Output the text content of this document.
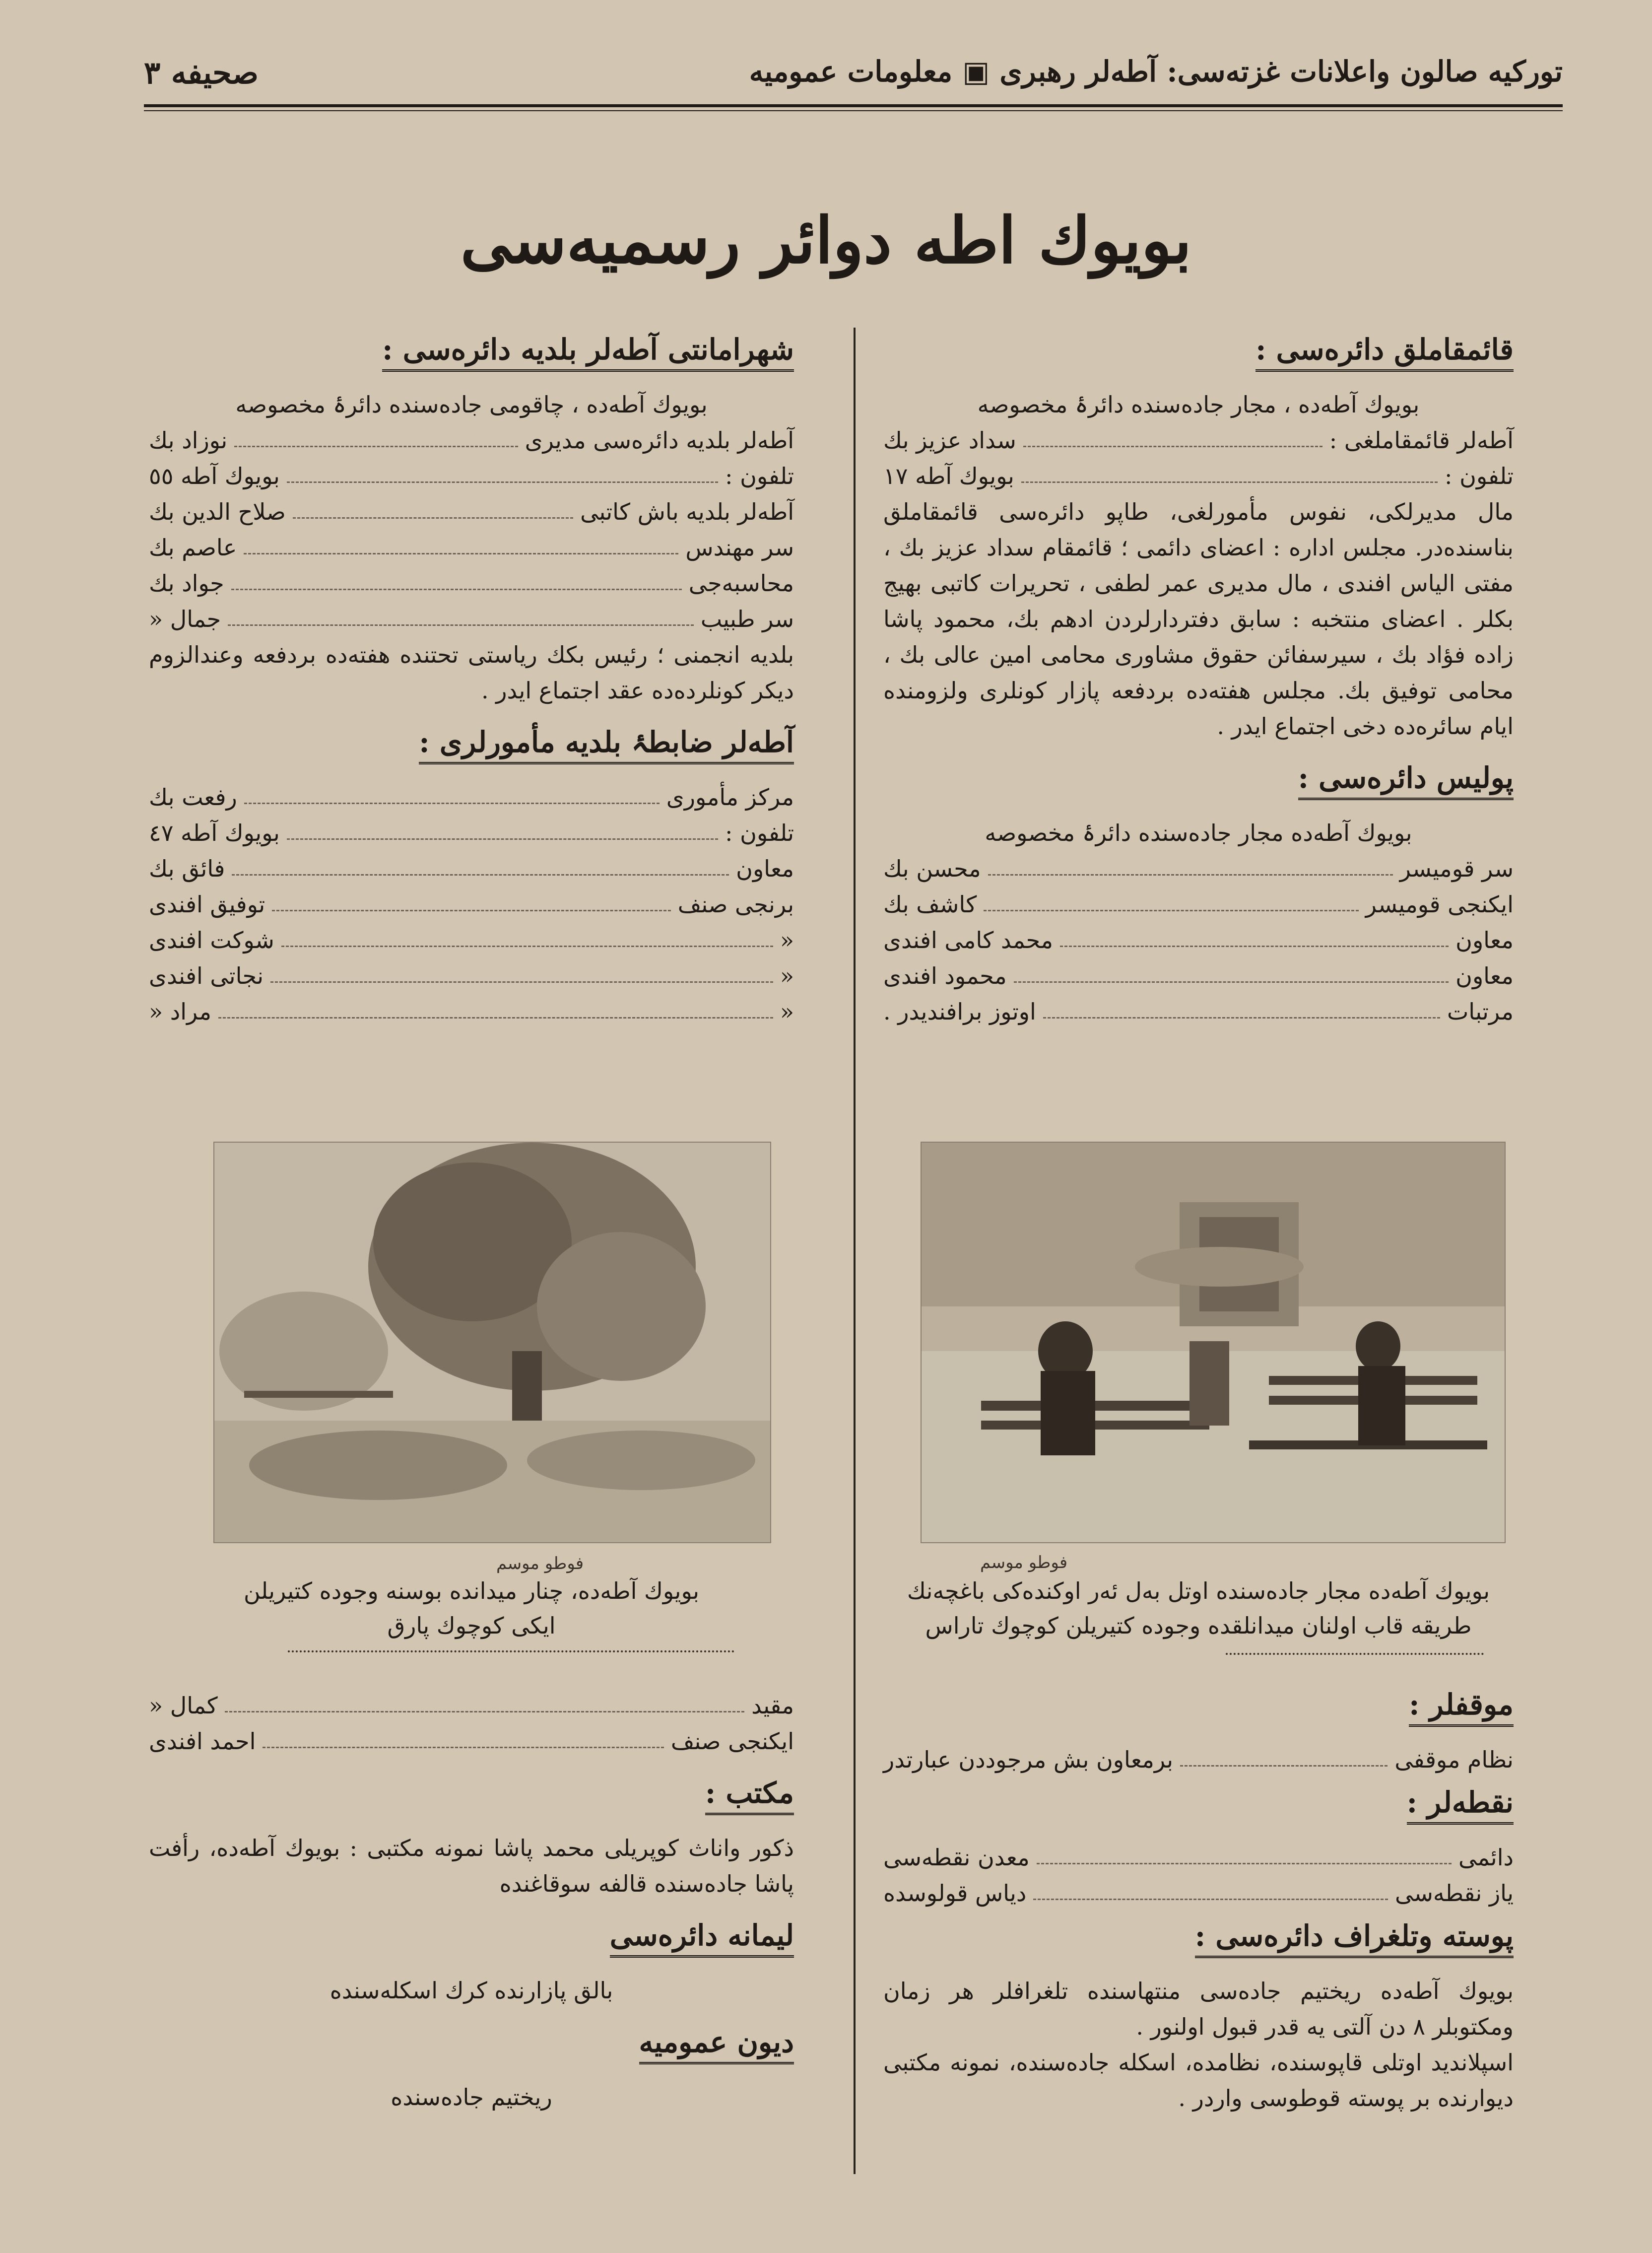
صحیفه ۳	تورکیه صالون واعلانات غزته‌سی: آطه‌لر رهبری ▣ معلومات عمومیه
بویوك اطه دوائر رسمیه‌سی
قائمقاملق دائره‌سی :
بویوك آطه‌ده ، مجار جاده‌سنده دائرۂ مخصوصه
آطه‌لر قائمقاملغی :
سداد عزیز بك
تلفون :
بویوك آطه ۱۷
مال مدیرلكی، نفوس مأمورلغی، طاپو دائره‌سی قائمقاملق بناسنده‌در. مجلس اداره : اعضای دائمی ؛ قائمقام سداد عزیز بك ، مفتی الیاس افندی ، مال مدیری عمر لطفی ، تحریرات كاتبی بهیج بكلر . اعضای منتخبه : سابق دفتردارلردن ادهم بك، محمود پاشا زاده فؤاد بك ، سیرسفائن حقوق مشاوری محامی امین عالی بك ، محامی توفیق بك. مجلس هفته‌ده بردفعه پازار كونلری ولزومنده ایام سائره‌ده دخی اجتماع ایدر .
پولیس دائره‌سی :
بویوك آطه‌ده مجار جاده‌سنده دائرۂ مخصوصه
سر قومیسر
محسن بك
ایكنجی قومیسر
كاشف بك
معاون
محمد كامی افندی
معاون
محمود افندی
مرتبات
اوتوز برافندیدر .
فوطو موسم
بویوك آطه‌ده مجار جاده‌سنده اوتل بەل ئەر اوكنده‌كی باغچه‌نك
طریقه قاب اولنان میدانلقده وجوده كتیریلن كوچوك تاراس
موقفلر :
نظام موقفی
برمعاون بش مرجوددن عبارتدر
نقطه‌لر :
دائمی
معدن نقطه‌سی
یاز نقطه‌سی
دیاس قولوسده
پوسته وتلغراف دائره‌سی :
بویوك آطه‌ده ریختیم جاده‌سی منتهاسنده تلغرافلر هر زمان ومكتوبلر ۸ دن آلتی یه قدر قبول اولنور .
اسپلاندید اوتلی قاپوسنده، نظامده، اسكله جاده‌سنده، نمونه مكتبی دیوارنده بر پوسته قوطوسی واردر .
شهرامانتی آطه‌لر بلدیه دائره‌سی :
بویوك آطه‌ده ، چاقومی جاده‌سنده دائرۂ مخصوصه
آطه‌لر بلدیه دائره‌سی مدیری
نوزاد بك
تلفون :
بویوك آطه ٥٥
آطه‌لر بلدیه باش كاتبی
صلاح الدین بك
سر مهندس
عاصم بك
محاسبه‌جی
جواد بك
سر طبیب
جمال «
بلدیه انجمنی ؛ رئیس بكك ریاستی تحتنده هفته‌ده بردفعه وعندالزوم دیكر كونلرده‌ده عقد اجتماع ایدر .
آطه‌لر ضابطۂ بلدیه مأمورلری :
مركز مأموری
رفعت بك
تلفون :
بویوك آطه ٤٧
معاون
فائق بك
برنجی صنف
توفیق افندی
«
شوكت افندی
«
نجاتی افندی
«
مراد «
فوطو موسم
بویوك آطه‌ده، چنار میدانده بوسنه وجوده كتیریلن
ایكی كوچوك پارق
مقید
كمال «
ایكنجی صنف
احمد افندی
مكتب :
ذكور واناث كوپریلی محمد پاشا نمونه مكتبی : بویوك آطه‌ده، رأفت پاشا جاده‌سنده قالفه سوقاغنده
لیمانه دائره‌سی
بالق پازارنده كرك اسكله‌سنده
دیون عمومیه
ریختیم جاده‌سنده
